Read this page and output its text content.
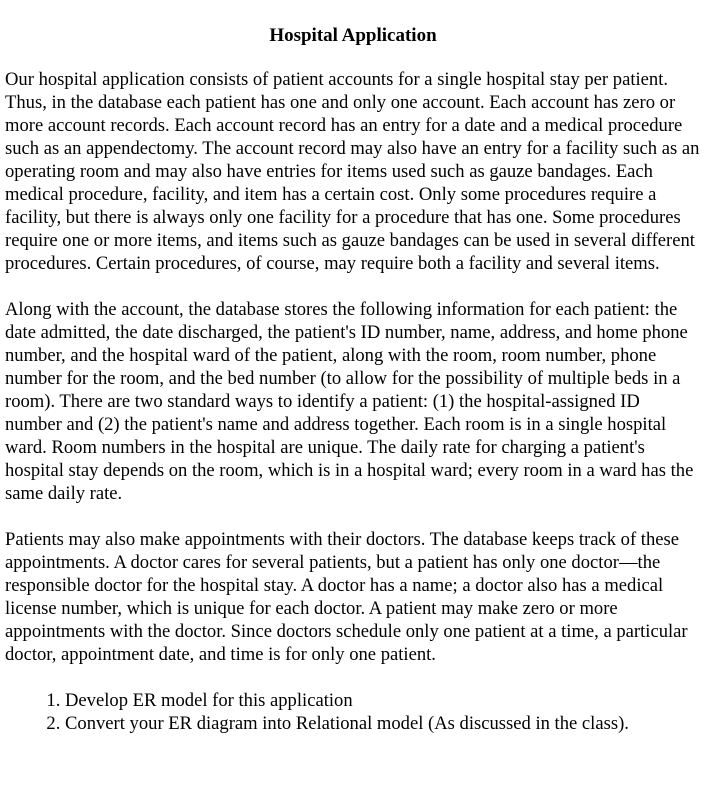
Hospital Application

Our hospital application consists of patient accounts for a single hospital stay per patient. Thus, in the database each patient has one and only one account. Each account has zero or more account records. Each account record has an entry for a date and a medical procedure such as an appendectomy. The account record may also have an entry for a facility such as an operating room and may also have entries for items used such as gauze bandages. Each medical procedure, facility, and item has a certain cost. Only some procedures require a facility, but there is always only one facility for a procedure that has one. Some procedures require one or more items, and items such as gauze bandages can be used in several different procedures. Certain procedures, of course, may require both a facility and several items.

Along with the account, the database stores the following information for each patient: the date admitted, the date discharged, the patient's ID number, name, address, and home phone number, and the hospital ward of the patient, along with the room, room number, phone number for the room, and the bed number (to allow for the possibility of multiple beds in a room). There are two standard ways to identify a patient: (1) the hospital-assigned ID number and (2) the patient's name and address together. Each room is in a single hospital ward. Room numbers in the hospital are unique. The daily rate for charging a patient's hospital stay depends on the room, which is in a hospital ward; every room in a ward has the same daily rate.

Patients may also make appointments with their doctors. The database keeps track of these appointments. A doctor cares for several patients, but a patient has only one doctor—the responsible doctor for the hospital stay. A doctor has a name; a doctor also has a medical license number, which is unique for each doctor. A patient may make zero or more appointments with the doctor. Since doctors schedule only one patient at a time, a particular doctor, appointment date, and time is for only one patient.

1. Develop ER model for this application
2. Convert your ER diagram into Relational model (As discussed in the class).
